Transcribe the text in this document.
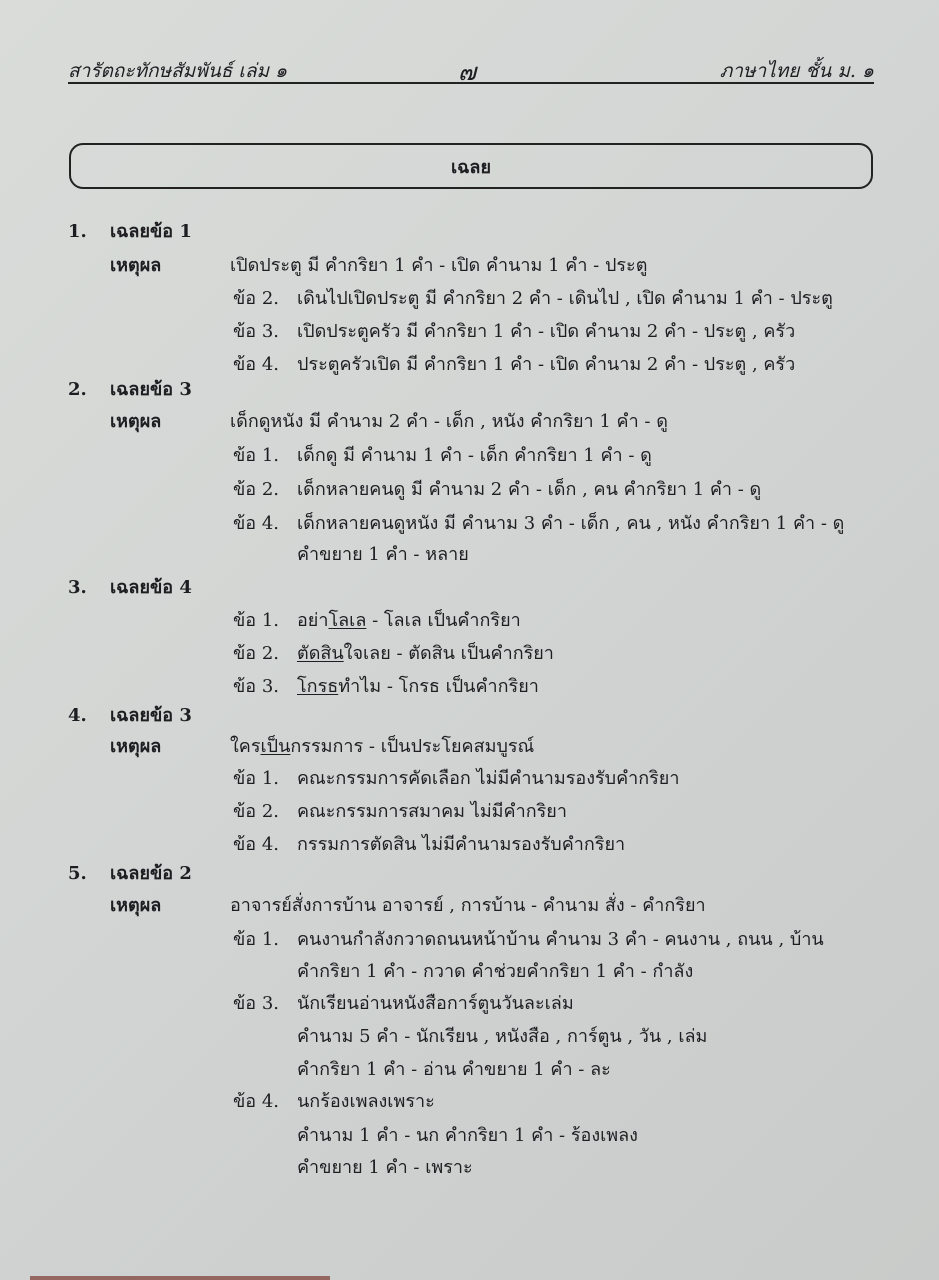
สารัตถะทักษสัมพันธ์ เล่ม ๑	๗	ภาษาไทย ชั้น ม. ๑
เฉลย
1. เฉลยข้อ 1
เหตุผล	เปิดประตู มี คำกริยา 1 คำ - เปิด คำนาม 1 คำ - ประตู
ข้อ 2. เดินไปเปิดประตู มี คำกริยา 2 คำ - เดินไป , เปิด คำนาม 1 คำ - ประตู
ข้อ 3. เปิดประตูครัว มี คำกริยา 1 คำ - เปิด คำนาม 2 คำ - ประตู , ครัว
ข้อ 4. ประตูครัวเปิด มี คำกริยา 1 คำ - เปิด คำนาม 2 คำ - ประตู , ครัว
2. เฉลยข้อ 3
เหตุผล	เด็กดูหนัง มี คำนาม 2 คำ - เด็ก , หนัง คำกริยา 1 คำ - ดู
ข้อ 1. เด็กดู มี คำนาม 1 คำ - เด็ก คำกริยา 1 คำ - ดู
ข้อ 2. เด็กหลายคนดู มี คำนาม 2 คำ - เด็ก , คน คำกริยา 1 คำ - ดู
ข้อ 4. เด็กหลายคนดูหนัง มี คำนาม 3 คำ - เด็ก , คน , หนัง คำกริยา 1 คำ - ดู
คำขยาย 1 คำ - หลาย
3. เฉลยข้อ 4
ข้อ 1. อย่าโลเล - โลเล เป็นคำกริยา
ข้อ 2. ตัดสินใจเลย - ตัดสิน เป็นคำกริยา
ข้อ 3. โกรธทำไม - โกรธ เป็นคำกริยา
4. เฉลยข้อ 3
เหตุผล	ใครเป็นกรรมการ - เป็นประโยคสมบูรณ์
ข้อ 1. คณะกรรมการคัดเลือก ไม่มีคำนามรองรับคำกริยา
ข้อ 2. คณะกรรมการสมาคม ไม่มีคำกริยา
ข้อ 4. กรรมการตัดสิน ไม่มีคำนามรองรับคำกริยา
5. เฉลยข้อ 2
เหตุผล	อาจารย์สั่งการบ้าน อาจารย์ , การบ้าน - คำนาม สั่ง - คำกริยา
ข้อ 1. คนงานกำลังกวาดถนนหน้าบ้าน คำนาม 3 คำ - คนงาน , ถนน , บ้าน
คำกริยา 1 คำ - กวาด คำช่วยคำกริยา 1 คำ - กำลัง
ข้อ 3. นักเรียนอ่านหนังสือการ์ตูนวันละเล่ม
คำนาม 5 คำ - นักเรียน , หนังสือ , การ์ตูน , วัน , เล่ม
คำกริยา 1 คำ - อ่าน คำขยาย 1 คำ - ละ
ข้อ 4. นกร้องเพลงเพราะ
คำนาม 1 คำ - นก คำกริยา 1 คำ - ร้องเพลง
คำขยาย 1 คำ - เพราะ
